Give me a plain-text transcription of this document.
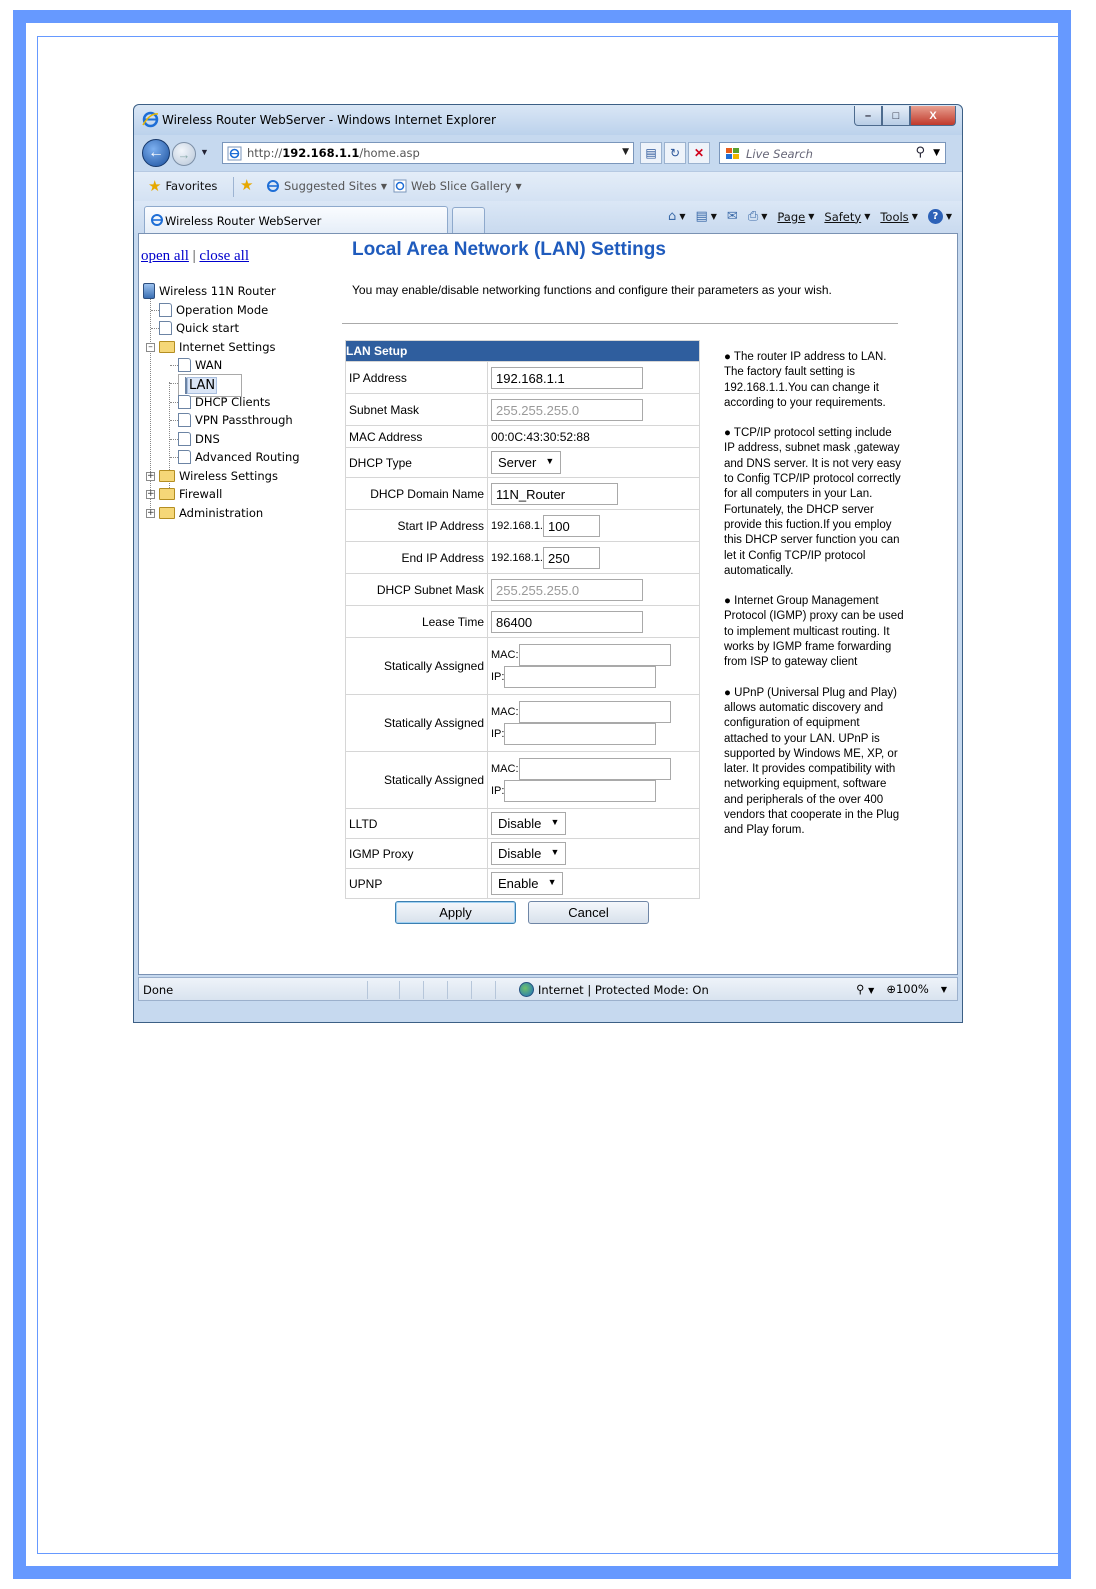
Wireless Router WebServer - Windows Internet Explorer	–	□	X
← → ▼	http://192.168.1.1/home.asp	▼	▤	↻	✕	Live Search	⚲ ▼
★ Favorites ★	Suggested Sites ▼ Web Slice Gallery ▼
Wireless Router WebServer	⌂ ▼ ▤ ▼ ✉ ⎙ ▼ Page ▼ Safety ▼ Tools ▼	? ▼
open all | close all
Wireless 11N Router
Operation Mode
Quick start
– Internet Settings
WAN
LAN
DHCP Clients
VPN Passthrough
DNS
Advanced Routing
+ Wireless Settings
+ Firewall
+ Administration
Local Area Network (LAN) Settings
You may enable/disable networking functions and configure their parameters as your wish.
LAN Setup	
IP Address	192.168.1.1
Subnet Mask	255.255.255.0
MAC Address	00:0C:43:30:52:88
DHCP Type	Server ▼

DHCP Domain Name	11N_Router
Start IP Address	192.168.1. 100
End IP Address	192.168.1. 250
DHCP Subnet Mask	255.255.255.0
Lease Time	86400
Statically Assigned	MAC:
IP:

Statically Assigned	MAC:
IP:

Statically Assigned	MAC:
IP:

LLTD	Disable ▼

IGMP Proxy	Disable ▼

UPNP	Enable ▼
Apply	Cancel

● The router IP address to LAN. The factory fault setting is 192.168.1.1.You can change it according to your requirements.

● TCP/IP protocol setting include IP address, subnet mask ,gateway and DNS server. It is not very easy to Config TCP/IP protocol correctly for all computers in your Lan. Fortunately, the DHCP server provide this fuction.If you employ this DHCP server function you can let it Config TCP/IP protocol automatically.

● Internet Group Management Protocol (IGMP) proxy can be used to implement multicast routing. It works by IGMP frame forwarding from ISP to gateway client

● UPnP (Universal Plug and Play) allows automatic discovery and configuration of equipment attached to your LAN. UPnP is supported by Windows ME, XP, or later. It provides compatibility with networking equipment, software and peripherals of the over 400 vendors that cooperate in the Plug and Play forum.

Done	Internet | Protected Mode: On	⚲ ▼ ⊕100% ▼
